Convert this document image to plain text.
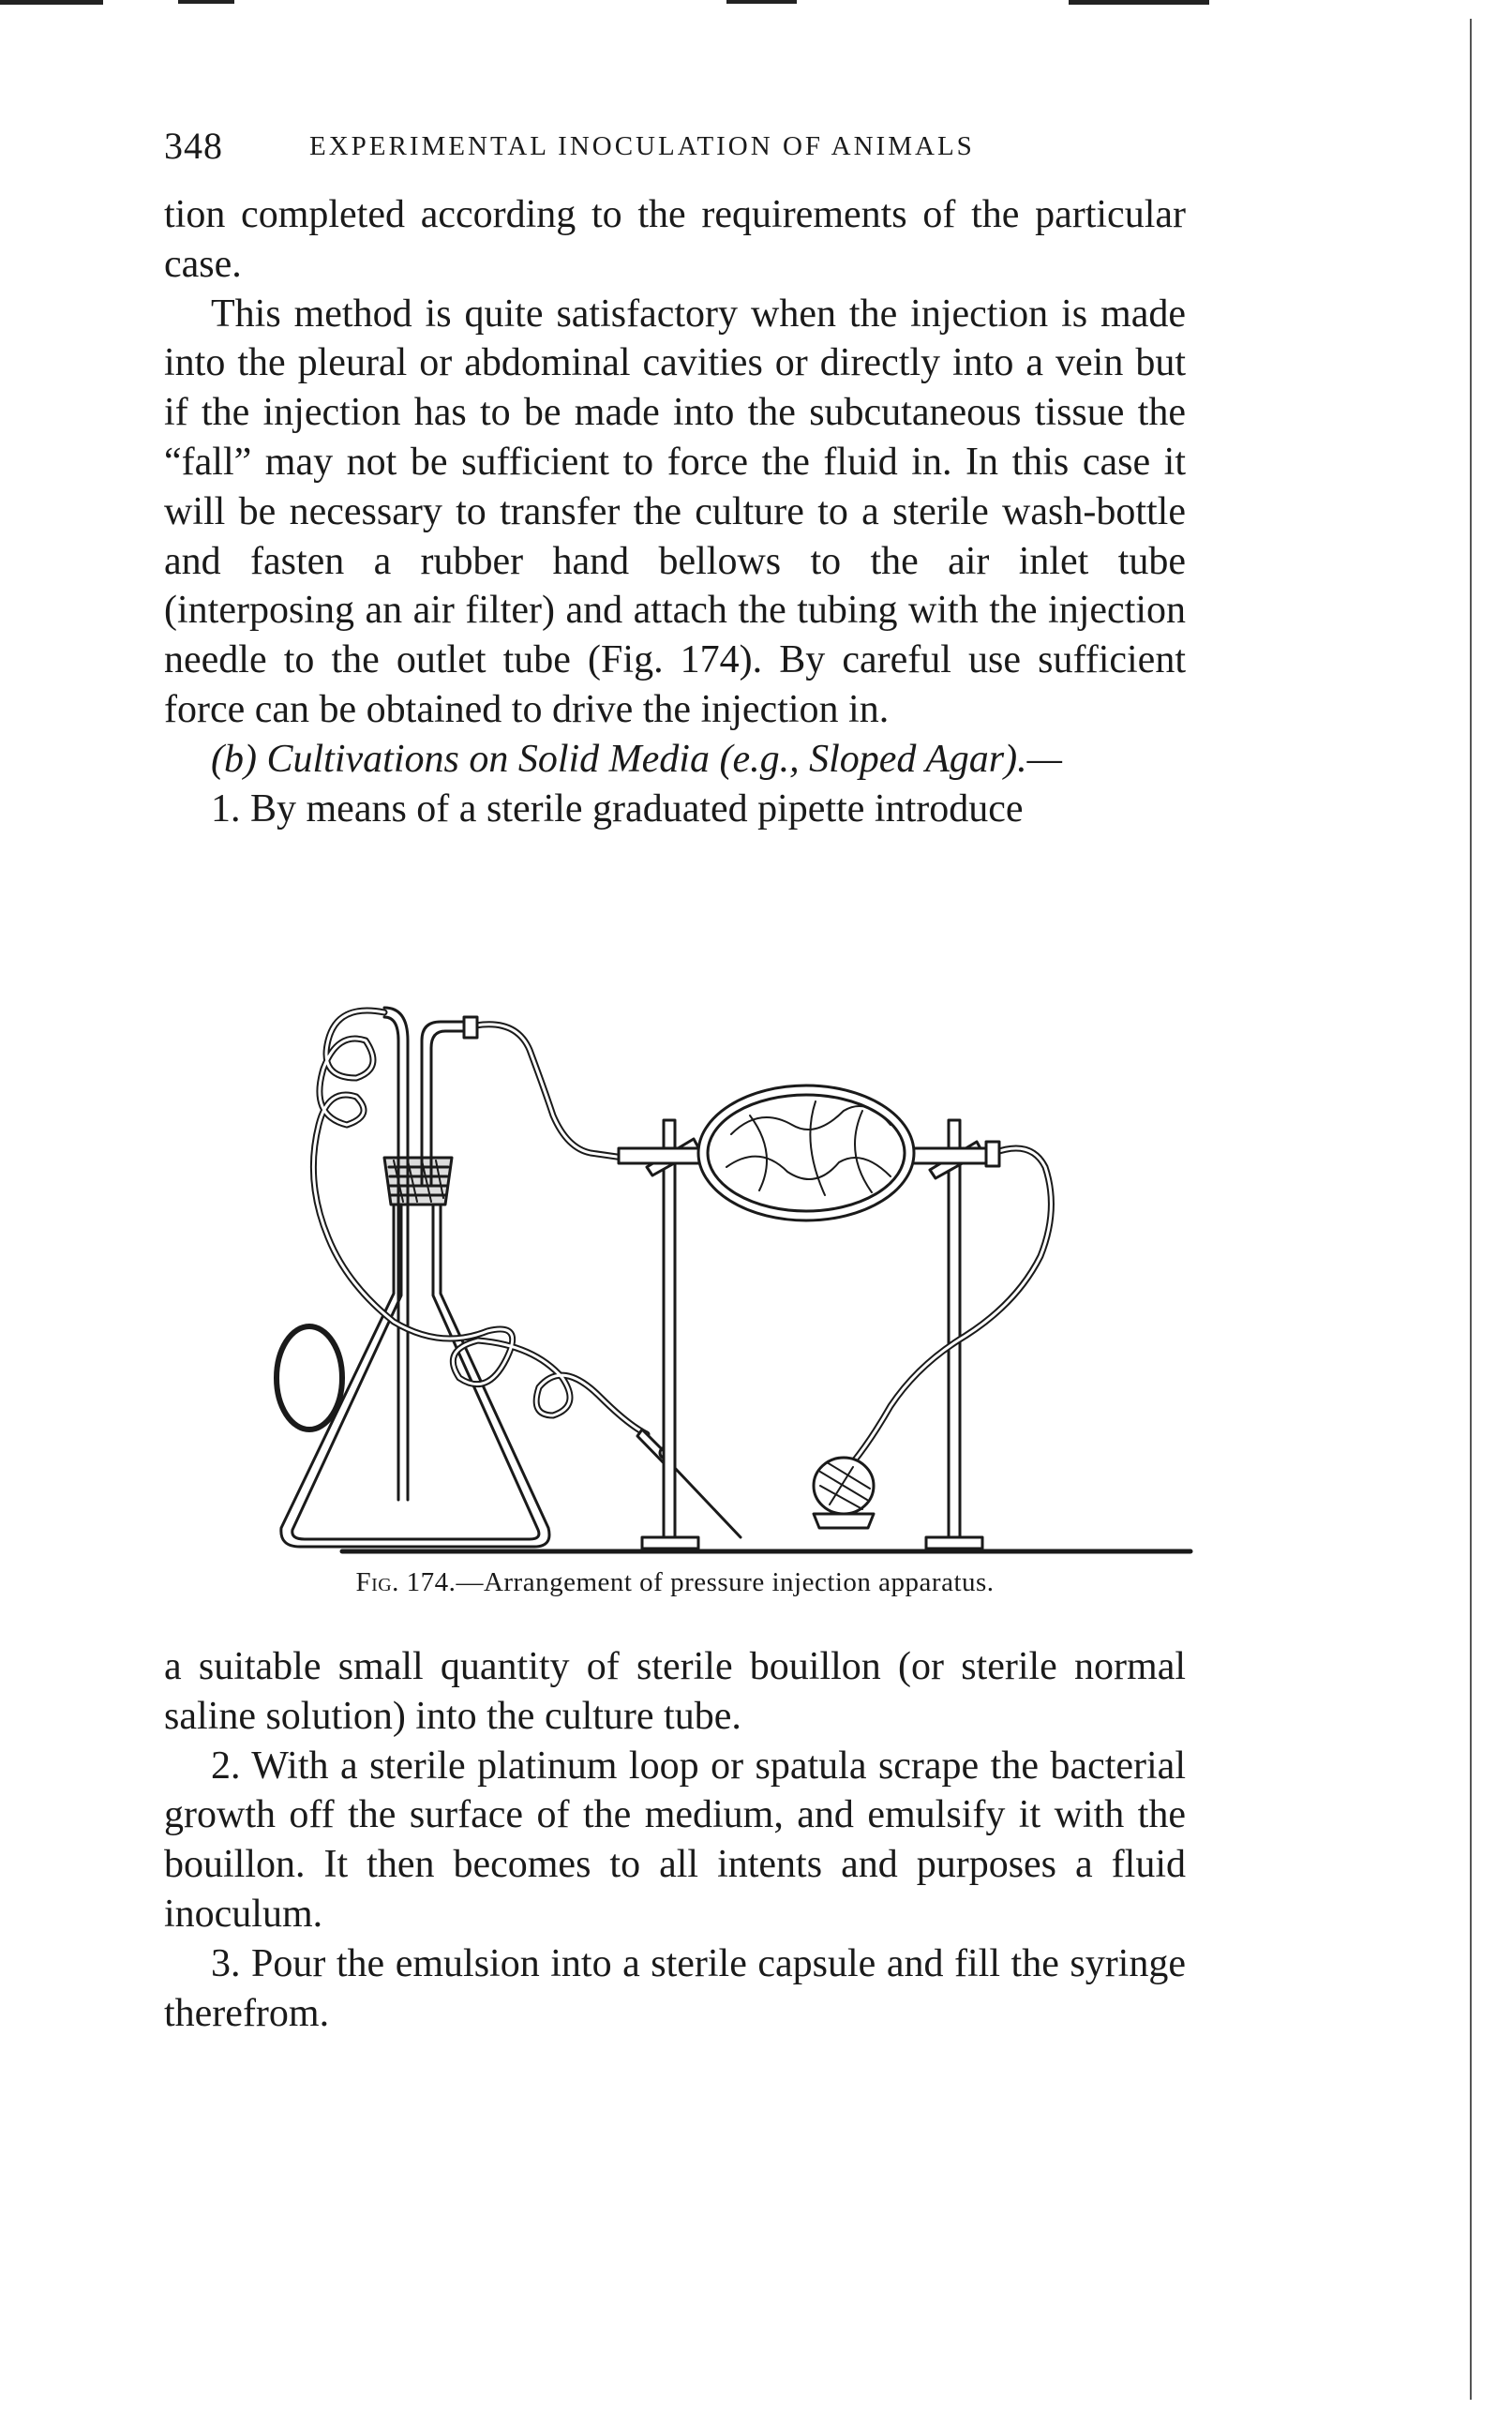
348	EXPERIMENTAL INOCULATION OF ANIMALS

tion completed according to the requirements of the particular case.

This method is quite satisfactory when the injection is made into the pleural or abdominal cavities or directly into a vein but if the injection has to be made into the subcutaneous tissue the “fall” may not be sufficient to force the fluid in. In this case it will be necessary to transfer the culture to a sterile wash-bottle and fasten a rubber hand bellows to the air inlet tube (interposing an air filter) and attach the tubing with the injection needle to the outlet tube (Fig. 174). By careful use sufficient force can be obtained to drive the injection in.

(b) Cultivations on Solid Media (e.g., Sloped Agar).—

1. By means of a sterile graduated pipette introduce

Fig. 174.—Arrangement of pressure injection apparatus.

a suitable small quantity of sterile bouillon (or sterile normal saline solution) into the culture tube.

2. With a sterile platinum loop or spatula scrape the bacterial growth off the surface of the medium, and emulsify it with the bouillon. It then becomes to all intents and purposes a fluid inoculum.

3. Pour the emulsion into a sterile capsule and fill the syringe therefrom.
